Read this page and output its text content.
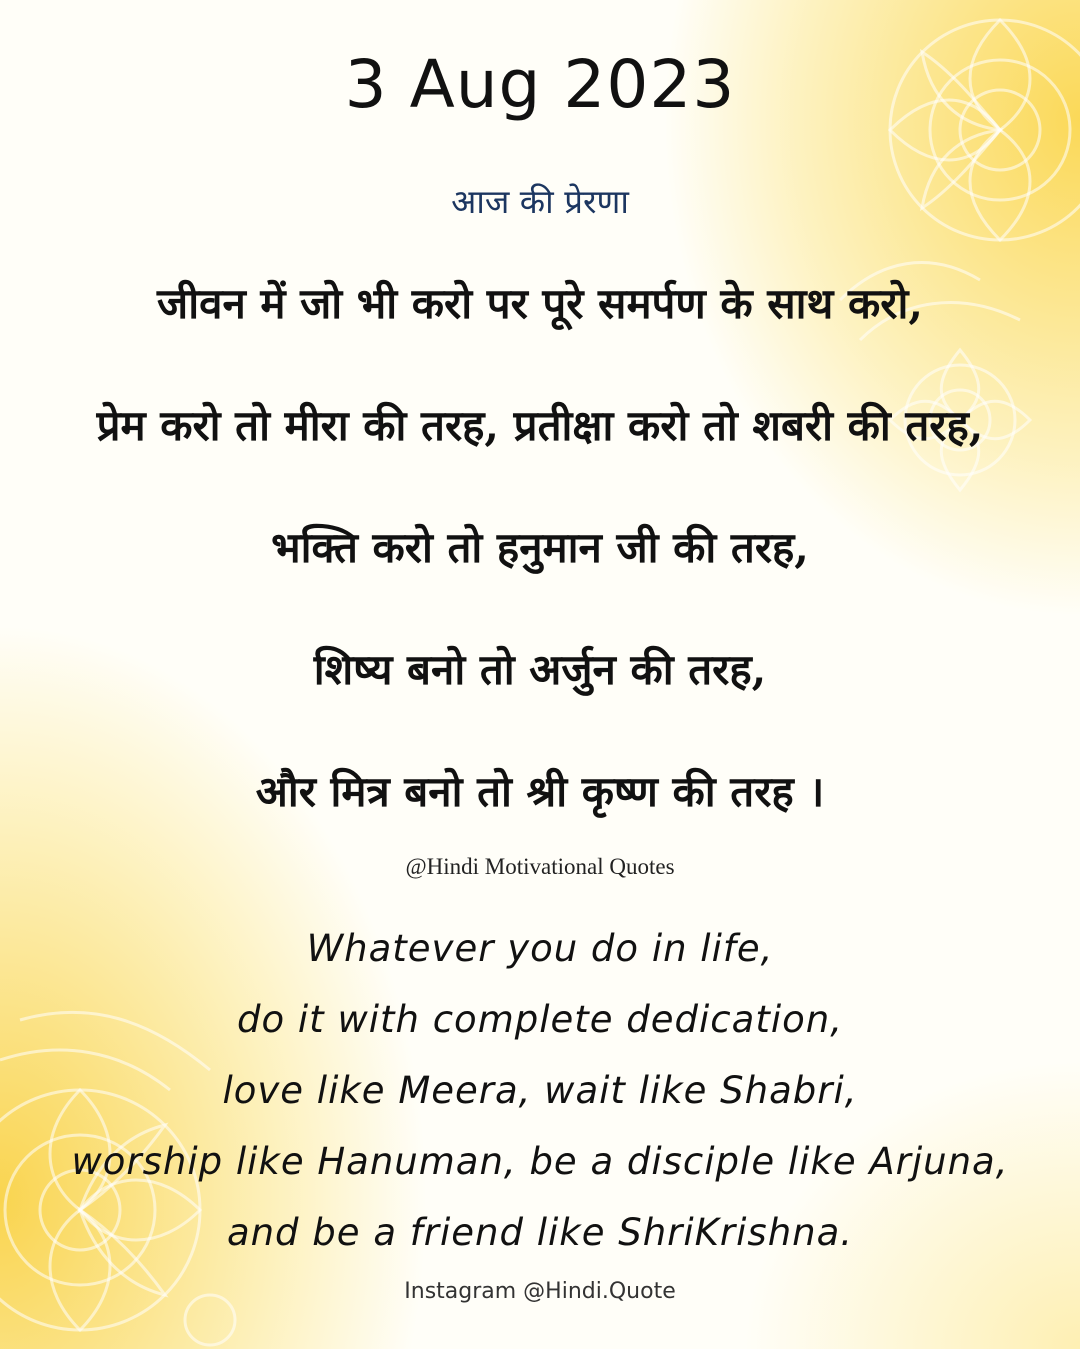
3 Aug 2023
आज की प्रेरणा
जीवन में जो भी करो पर पूरे समर्पण के साथ करो,
प्रेम करो तो मीरा की तरह, प्रतीक्षा करो तो शबरी की तरह,
भक्ति करो तो हनुमान जी की तरह,
शिष्य बनो तो अर्जुन की तरह,
और मित्र बनो तो श्री कृष्ण की तरह ।
@Hindi Motivational Quotes
Whatever you do in life,
do it with complete dedication,
love like Meera, wait like Shabri,
worship like Hanuman, be a disciple like Arjuna,
and be a friend like ShriKrishna.
Instagram @Hindi.Quote
